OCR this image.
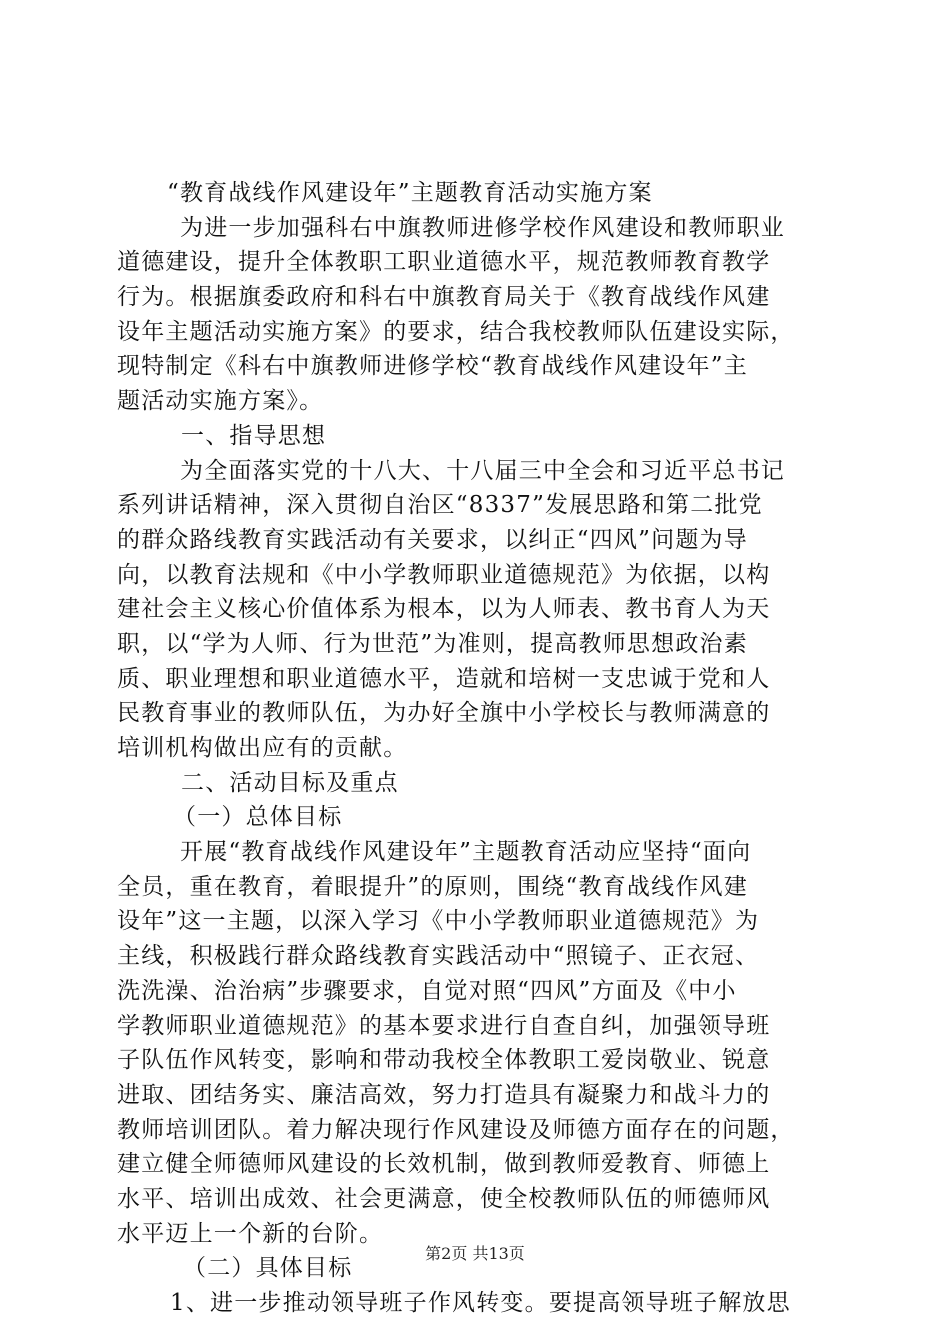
“教育战线作风建设年”主题教育活动实施方案
为进一步加强科右中旗教师进修学校作风建设和教师职业
道德建设，提升全体教职工职业道德水平，规范教师教育教学
行为。根据旗委政府和科右中旗教育局关于《教育战线作风建
设年主题活动实施方案》的要求，结合我校教师队伍建设实际，
现特制定《科右中旗教师进修学校“教育战线作风建设年”主
题活动实施方案》。
一、指导思想
为全面落实党的十八大、十八届三中全会和习近平总书记
系列讲话精神，深入贯彻自治区“8337”发展思路和第二批党
的群众路线教育实践活动有关要求，以纠正“四风”问题为导
向，以教育法规和《中小学教师职业道德规范》为依据，以构
建社会主义核心价值体系为根本，以为人师表、教书育人为天
职，以“学为人师、行为世范”为准则，提高教师思想政治素
质、职业理想和职业道德水平，造就和培树一支忠诚于党和人
民教育事业的教师队伍，为办好全旗中小学校长与教师满意的
培训机构做出应有的贡献。
二、活动目标及重点
（一）总体目标
开展“教育战线作风建设年”主题教育活动应坚持“面向
全员，重在教育，着眼提升”的原则，围绕“教育战线作风建
设年”这一主题，以深入学习《中小学教师职业道德规范》为
主线，积极践行群众路线教育实践活动中“照镜子、正衣冠、
洗洗澡、治治病”步骤要求，自觉对照“四风”方面及《中小
学教师职业道德规范》的基本要求进行自查自纠，加强领导班
子队伍作风转变，影响和带动我校全体教职工爱岗敬业、锐意
进取、团结务实、廉洁高效，努力打造具有凝聚力和战斗力的
教师培训团队。着力解决现行作风建设及师德方面存在的问题，
建立健全师德师风建设的长效机制，做到教师爱教育、师德上
水平、培训出成效、社会更满意，使全校教师队伍的师德师风
水平迈上一个新的台阶。
（二）具体目标
1、进一步推动领导班子作风转变。要提高领导班子解放思
第2页 共13页
